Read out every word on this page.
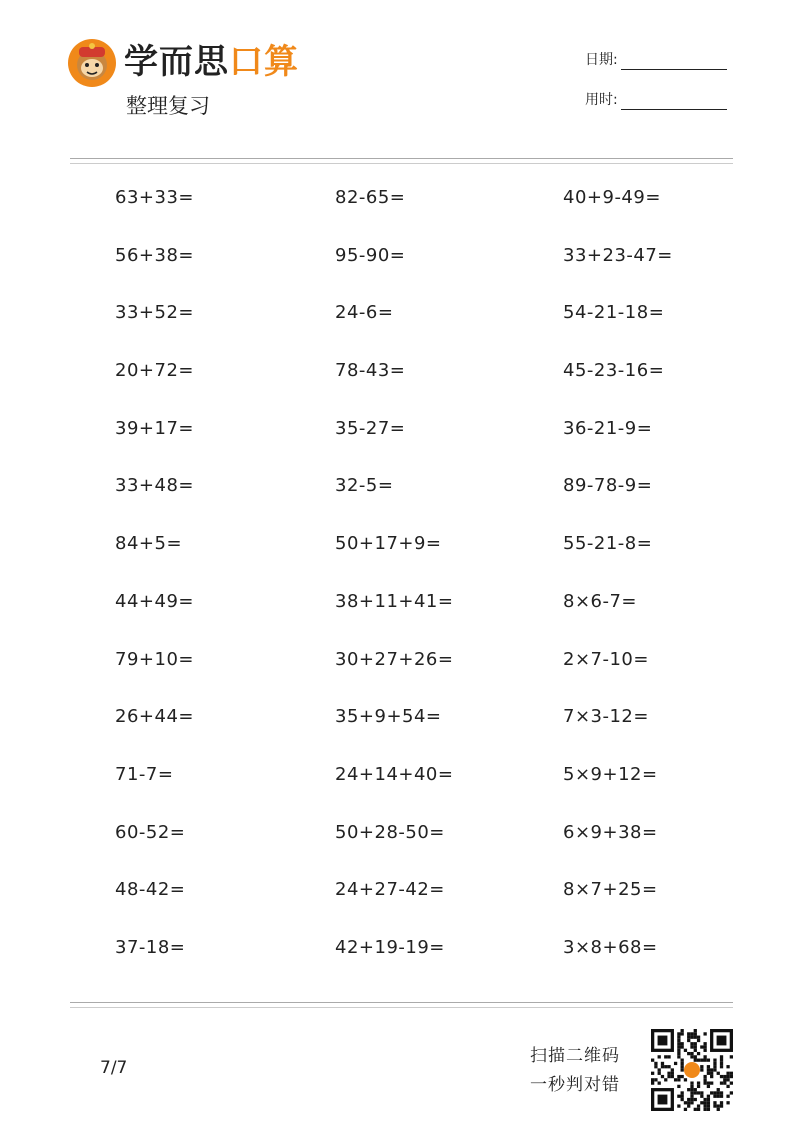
学而思口算
整理复习
日期:
用时:
63+33=	82-65=	40+9-49=
56+38=	95-90=	33+23-47=
33+52=	24-6=	54-21-18=
20+72=	78-43=	45-23-16=
39+17=	35-27=	36-21-9=
33+48=	32-5=	89-78-9=
84+5=	50+17+9=	55-21-8=
44+49=	38+11+41=	8×6-7=
79+10=	30+27+26=	2×7-10=
26+44=	35+9+54=	7×3-12=
71-7=	24+14+40=	5×9+12=
60-52=	50+28-50=	6×9+38=
48-42=	24+27-42=	8×7+25=
37-18=	42+19-19=	3×8+68=
7/7
扫描二维码
一秒判对错
